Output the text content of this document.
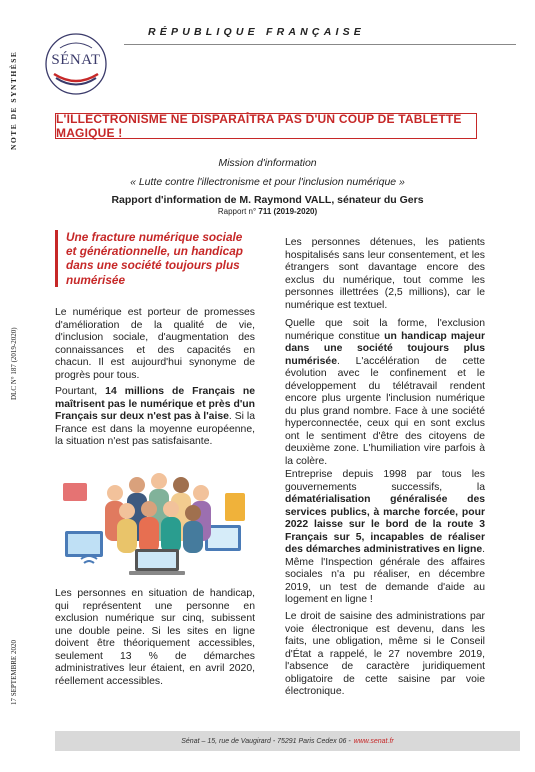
NOTE DE SYNTHÈSE
DLC N° 187 (2019-2020)
17 SEPTEMBRE 2020
SÉNAT
RÉPUBLIQUE FRANÇAISE
L'ILLECTRONISME NE DISPARAÎTRA PAS D'UN COUP DE TABLETTE MAGIQUE !
Mission d'information
« Lutte contre l'illectronisme et pour l'inclusion numérique »
Rapport d'information de M. Raymond VALL, sénateur du Gers
Rapport n° 711 (2019-2020)
Une fracture numérique sociale et générationnelle, un handicap dans une société toujours plus numérisée
Le numérique est porteur de promesses d'amélioration de la qualité de vie, d'inclusion sociale, d'augmentation des connaissances et des capacités en chacun. Il est aujourd'hui synonyme de progrès pour tous.
Pourtant, 14 millions de Français ne maîtrisent pas le numérique et près d'un Français sur deux n'est pas à l'aise. Si la France est dans la moyenne européenne, la situation n'est pas satisfaisante.
Les personnes en situation de handicap, qui représentent une personne en exclusion numérique sur cinq, subissent une double peine. Si les sites en ligne doivent être théoriquement accessibles, seulement 13 % de démarches administratives leur étaient, en avril 2020, réellement accessibles.
Les personnes détenues, les patients hospitalisés sans leur consentement, et les étrangers sont davantage encore des exclus du numérique, tout comme les personnes illettrées (2,5 millions), car le numérique est textuel.
Quelle que soit la forme, l'exclusion numérique constitue un handicap majeur dans une société toujours plus numérisée. L'accélération de cette évolution avec le confinement et le développement du télétravail rendent encore plus urgente l'inclusion numérique du plus grand nombre. Face à une société hyperconnectée, ceux qui en sont exclus ont le sentiment d'être des citoyens de deuxième zone. L'humiliation vire parfois à la colère.
Entreprise depuis 1998 par tous les gouvernements successifs, la dématérialisation généralisée des services publics, à marche forcée, pour 2022 laisse sur le bord de la route 3 Français sur 5, incapables de réaliser des démarches administratives en ligne. Même l'Inspection générale des affaires sociales n'a pu réaliser, en décembre 2019, un test de demande d'aide au logement en ligne !
Le droit de saisine des administrations par voie électronique est devenu, dans les faits, une obligation, même si le Conseil d'État a rappelé, le 27 novembre 2019, l'absence de caractère juridiquement obligatoire de cette saisine par voie électronique.
Sénat – 15, rue de Vaugirard - 75291 Paris Cedex 06 - www.senat.fr
